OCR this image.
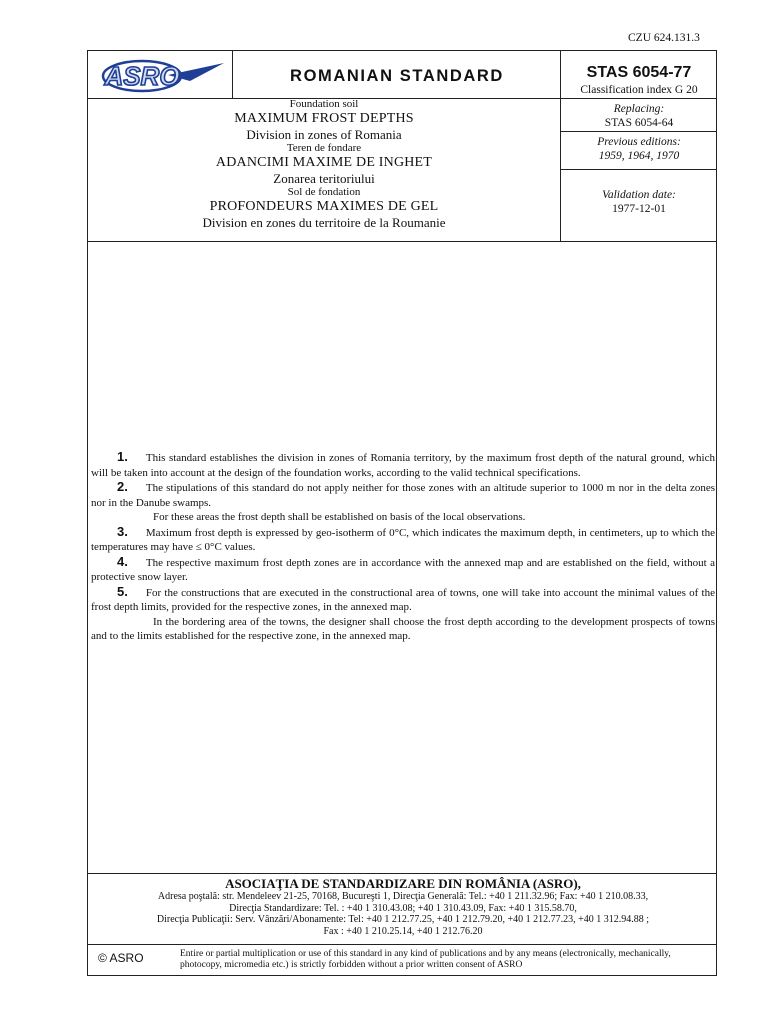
CZU 624.131.3
ASRO	ROMANIAN STANDARD	STAS 6054-77
Classification index G 20
Foundation soil
MAXIMUM FROST DEPTHS
Division in zones of Romania
Teren de fondare
ADANCIMI MAXIME DE INGHET
Zonarea teritoriului
Sol de fondation
PROFONDEURS MAXIMES DE GEL
Division en zones du territoire de la Roumanie
Replacing:
STAS 6054-64
Previous editions:
1959, 1964, 1970
Validation date:
1977-12-01

1. This standard establishes the division in zones of Romania territory, by the maximum frost depth of the natural ground, which will be taken into account at the design of the foundation works, according to the valid technical specifications.

2. The stipulations of this standard do not apply neither for those zones with an altitude superior to 1000 m nor in the delta zones nor in the Danube swamps.

For these areas the frost depth shall be established on basis of the local observations.

3. Maximum frost depth is expressed by geo-isotherm of 0°C, which indicates the maximum depth, in centimeters, up to which the temperatures may have ≤ 0°C values.

4. The respective maximum frost depth zones are in accordance with the annexed map and are established on the field, without a protective snow layer.

5. For the constructions that are executed in the constructional area of towns, one will take into account the minimal values of the frost depth limits, provided for the respective zones, in the annexed map.

In the bordering area of the towns, the designer shall choose the frost depth according to the development prospects of towns and to the limits established for the respective zone, in the annexed map.

ASOCIAŢIA DE STANDARDIZARE DIN ROMÂNIA (ASRO),
Adresa poştală: str. Mendeleev 21-25, 70168, Bucureşti 1, Direcţia Generală: Tel.: +40 1 211.32.96; Fax: +40 1 210.08.33,
Direcţia Standardizare: Tel. : +40 1 310.43.08; +40 1 310.43.09, Fax: +40 1 315.58.70,
Direcţia Publicaţii: Serv. Vânzări/Abonamente: Tel: +40 1 212.77.25, +40 1 212.79.20, +40 1 212.77.23, +40 1 312.94.88 ;
Fax : +40 1 210.25.14, +40 1 212.76.20
© ASRO	Entire or partial multiplication or use of this standard in any kind of publications and by any means (electronically, mechanically, photocopy, micromedia etc.) is strictly forbidden without a prior written consent of ASRO
